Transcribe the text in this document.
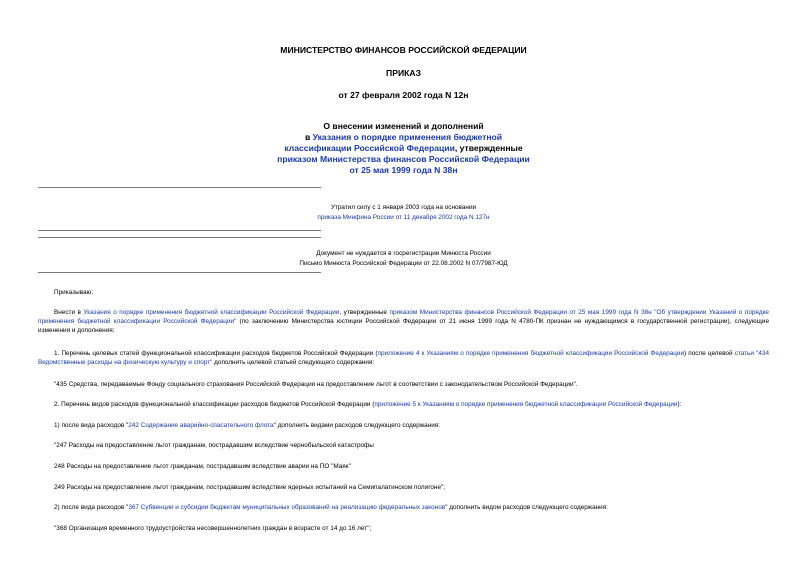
МИНИСТЕРСТВО ФИНАНСОВ РОССИЙСКОЙ ФЕДЕРАЦИИ

ПРИКАЗ

от 27 февраля 2002 года N 12н

О внесении изменений и дополнений
в Указания о порядке применения бюджетной
классификации Российской Федерации, утвержденные
приказом Министерства финансов Российской Федерации
от 25 мая 1999 года N 38н
Утратил силу с 1 января 2003 года на основании
приказа Минфина России от 11 декабря 2002 года N 127н
Документ не нуждается в госрегистрации Минюста России
Письмо Минюста Российской Федерации от 22.08.2002 N 07/7987-ЮД

Приказываю:

Внести в Указания о порядке применения бюджетной классификации Российской Федерации, утвержденные приказом Министерства финансов Российской Федерации от 25 мая 1999 года N 38н "Об утверждении Указаний о порядке применения бюджетной классификации Российской Федерации" (по заключению Министерства юстиции Российской Федерации от 21 июня 1999 года N 4780-ПК признан не нуждающимся в государственной регистрации), следующие изменения и дополнения:

1. Перечень целевых статей функциональной классификации расходов бюджетов Российской Федерации (приложение 4 к Указаниям о порядке применения бюджетной классификации Российской Федерации) после целевой статьи "434 Ведомственные расходы на физическую культуру и спорт" дополнить целевой статьей следующего содержания:

"435 Средства, передаваемые Фонду социального страхования Российской Федерации на предоставление льгот в соответствии с законодательством Российской Федерации".

2. Перечень видов расходов функциональной классификации расходов бюджетов Российской Федерации (приложение 5 к Указаниям о порядке применения бюджетной классификации Российской Федерации):

1) после вида расходов "242 Содержание аварийно-спасательного флота" дополнить видами расходов следующего содержания:

"247 Расходы на предоставление льгот гражданам, пострадавшим вследствие чернобыльской катастрофы

248 Расходы на предоставление льгот гражданам, пострадавшим вследствие аварии на ПО "Маяк"

249 Расходы на предоставление льгот гражданам, пострадавшим вследствие ядерных испытаний на Семипалатинском полигоне";

2) после вида расходов "367 Субвенции и субсидии бюджетам муниципальных образований на реализацию федеральных законов" дополнить видом расходов следующего содержания:

"368 Организация временного трудоустройства несовершеннолетних граждан в возрасте от 14 до 16 лет";
